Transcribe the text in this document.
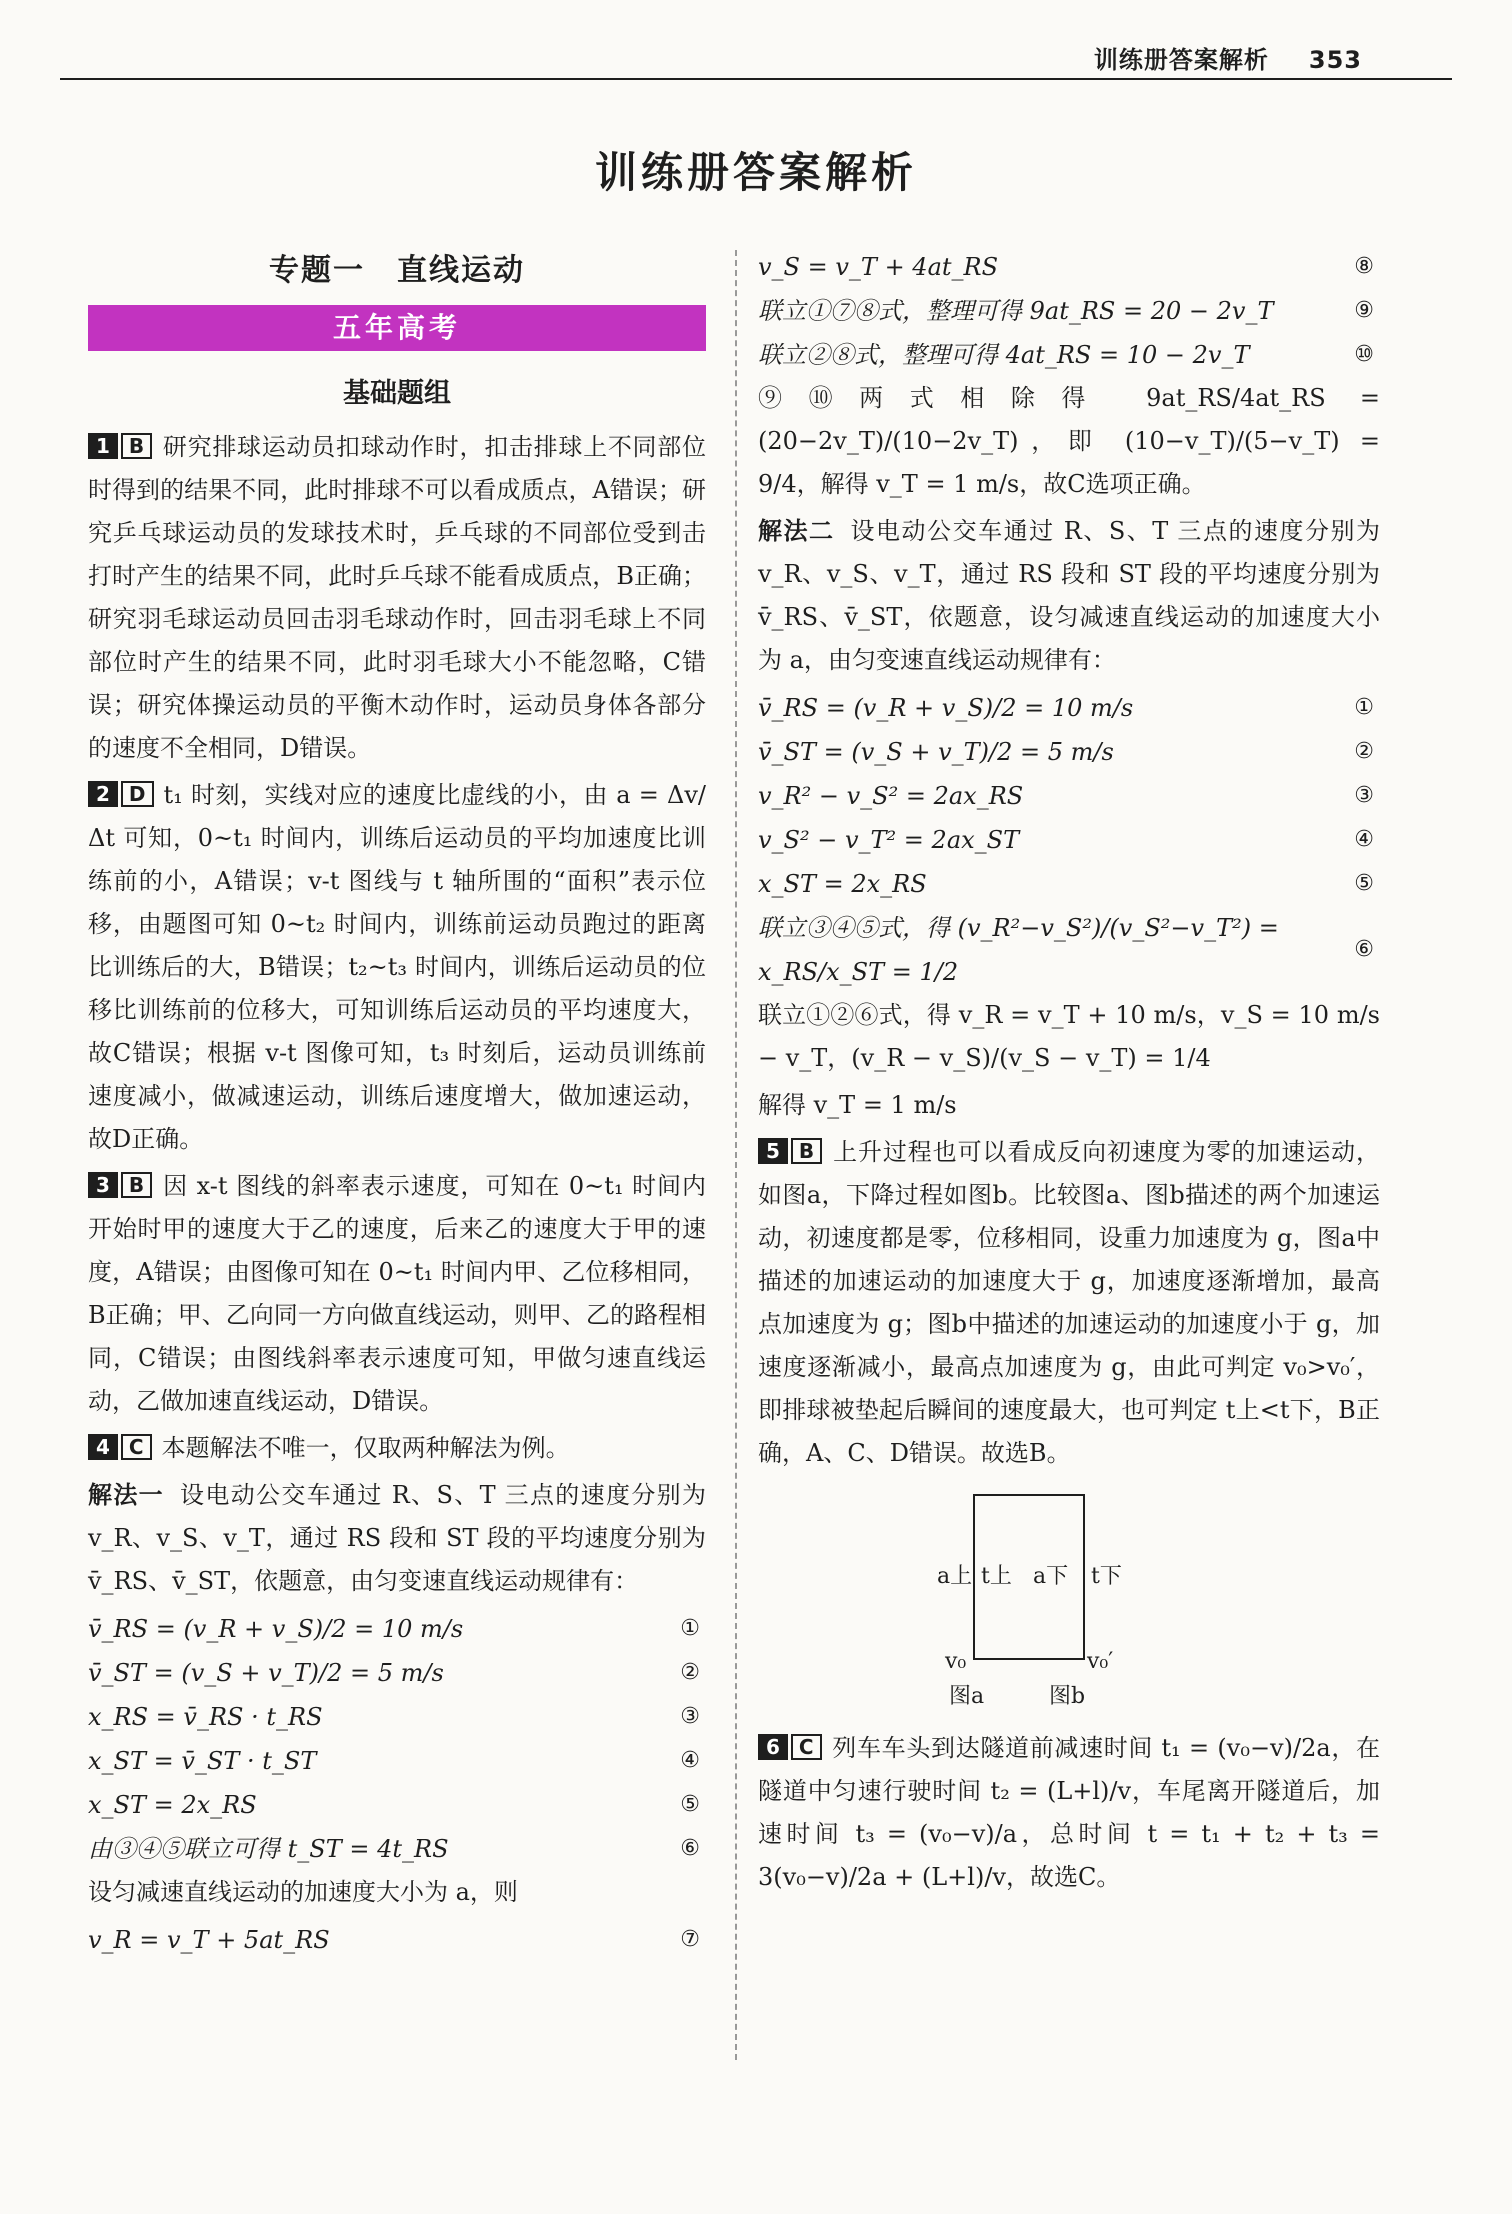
训练册答案解析 353
训练册答案解析
专题一　直线运动
五年高考
基础题组

1 B 研究排球运动员扣球动作时，扣击排球上不同部位时得到的结果不同，此时排球不可以看成质点，A错误；研究乒乓球运动员的发球技术时，乒乓球的不同部位受到击打时产生的结果不同，此时乒乓球不能看成质点，B正确；研究羽毛球运动员回击羽毛球动作时，回击羽毛球上不同部位时产生的结果不同，此时羽毛球大小不能忽略，C错误；研究体操运动员的平衡木动作时，运动员身体各部分的速度不全相同，D错误。

2 D t₁ 时刻，实线对应的速度比虚线的小，由 a = Δv/Δt 可知，0~t₁ 时间内，训练后运动员的平均加速度比训练前的小，A错误；v-t 图线与 t 轴所围的“面积”表示位移，由题图可知 0~t₂ 时间内，训练前运动员跑过的距离比训练后的大，B错误；t₂~t₃ 时间内，训练后运动员的位移比训练前的位移大，可知训练后运动员的平均速度大，故C错误；根据 v-t 图像可知，t₃ 时刻后，运动员训练前速度减小，做减速运动，训练后速度增大，做加速运动，故D正确。

3 B 因 x-t 图线的斜率表示速度，可知在 0~t₁ 时间内开始时甲的速度大于乙的速度，后来乙的速度大于甲的速度，A错误；由图像可知在 0~t₁ 时间内甲、乙位移相同，B正确；甲、乙向同一方向做直线运动，则甲、乙的路程相同，C错误；由图线斜率表示速度可知，甲做匀速直线运动，乙做加速直线运动，D错误。

4 C 本题解法不唯一，仅取两种解法为例。

解法一 设电动公交车通过 R、S、T 三点的速度分别为 v_R、v_S、v_T，通过 RS 段和 ST 段的平均速度分别为 v̄_RS、v̄_ST，依题意，由匀变速直线运动规律有：

v̄_RS = (v_R + v_S)/2 = 10 m/s	①
v̄_ST = (v_S + v_T)/2 = 5 m/s	②
x_RS = v̄_RS · t_RS	③
x_ST = v̄_ST · t_ST	④
x_ST = 2x_RS	⑤
由③④⑤联立可得 t_ST = 4t_RS	⑥

设匀减速直线运动的加速度大小为 a，则

v_R = v_T + 5at_RS	⑦
v_S = v_T + 4at_RS	⑧
联立①⑦⑧式，整理可得 9at_RS = 20 − 2v_T	⑨
联立②⑧式，整理可得 4at_RS = 10 − 2v_T	⑩

⑨⑩两式相除得 9at_RS/4at_RS = (20−2v_T)/(10−2v_T)，即 (10−v_T)/(5−v_T) = 9/4，解得 v_T = 1 m/s，故C选项正确。

解法二 设电动公交车通过 R、S、T 三点的速度分别为 v_R、v_S、v_T，通过 RS 段和 ST 段的平均速度分别为 v̄_RS、v̄_ST，依题意，设匀减速直线运动的加速度大小为 a，由匀变速直线运动规律有：

v̄_RS = (v_R + v_S)/2 = 10 m/s	①
v̄_ST = (v_S + v_T)/2 = 5 m/s	②
v_R² − v_S² = 2ax_RS	③
v_S² − v_T² = 2ax_ST	④
x_ST = 2x_RS	⑤
联立③④⑤式，得 (v_R²−v_S²)/(v_S²−v_T²) = x_RS/x_ST = 1/2
⑥

联立①②⑥式，得 v_R = v_T + 10 m/s，v_S = 10 m/s − v_T，(v_R − v_S)/(v_S − v_T) = 1/4

解得 v_T = 1 m/s

5 B 上升过程也可以看成反向初速度为零的加速运动，如图a，下降过程如图b。比较图a、图b描述的两个加速运动，初速度都是零，位移相同，设重力加速度为 g，图a中描述的加速运动的加速度大于 g，加速度逐渐增加，最高点加速度为 g；图b中描述的加速运动的加速度小于 g，加速度逐渐减小，最高点加速度为 g，由此可判定 v₀>v₀′，即排球被垫起后瞬间的速度最大，也可判定 t上<t下，B正确，A、C、D错误。故选B。

a上 t上 a下 t下
v₀	v₀′
图a	图b

6 C 列车车头到达隧道前减速时间 t₁ = (v₀−v)/2a，在隧道中匀速行驶时间 t₂ = (L+l)/v，车尾离开隧道后，加速时间 t₃ = (v₀−v)/a，总时间 t = t₁ + t₂ + t₃ = 3(v₀−v)/2a + (L+l)/v，故选C。
